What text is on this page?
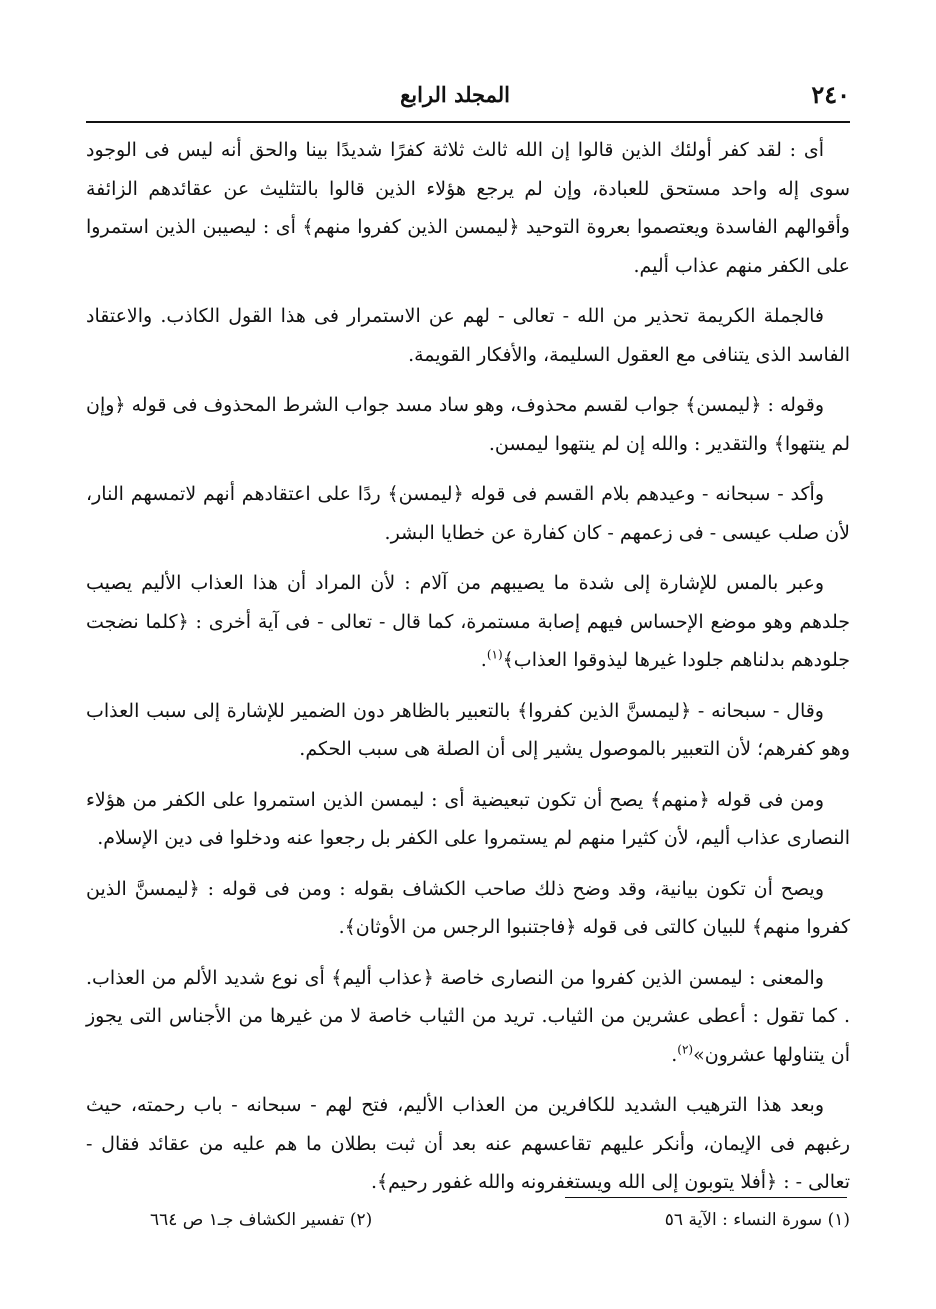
٢٤٠
المجلد الرابع

أى : لقد كفر أولئك الذين قالوا إن الله ثالث ثلاثة كفرًا شديدًا بينا والحق أنه ليس فى الوجود سوى إله واحد مستحق للعبادة، وإن لم يرجع هؤلاء الذين قالوا بالتثليث عن عقائدهم الزائفة وأقوالهم الفاسدة ويعتصموا بعروة التوحيد ﴿ليمسن الذين كفروا منهم﴾ أى : ليصيبن الذين استمروا على الكفر منهم عذاب أليم.

فالجملة الكريمة تحذير من الله - تعالى - لهم عن الاستمرار فى هذا القول الكاذب. والاعتقاد الفاسد الذى يتنافى مع العقول السليمة، والأفكار القويمة.

وقوله : ﴿ليمسن﴾ جواب لقسم محذوف، وهو ساد مسد جواب الشرط المحذوف فى قوله ﴿وإن لم ينتهوا﴾ والتقدير : والله إن لم ينتهوا ليمسن.

وأكد - سبحانه - وعيدهم بلام القسم فى قوله ﴿ليمسن﴾ ردًا على اعتقادهم أنهم لاتمسهم النار، لأن صلب عيسى - فى زعمهم - كان كفارة عن خطايا البشر.

وعبر بالمس للإشارة إلى شدة ما يصيبهم من آلام : لأن المراد أن هذا العذاب الأليم يصيب جلدهم وهو موضع الإحساس فيهم إصابة مستمرة، كما قال - تعالى - فى آية أخرى : ﴿كلما نضجت جلودهم بدلناهم جلودا غيرها ليذوقوا العذاب﴾$^{(١)}$.

وقال - سبحانه - ﴿ليمسنَّ الذين كفروا﴾ بالتعبير بالظاهر دون الضمير للإشارة إلى سبب العذاب وهو كفرهم؛ لأن التعبير بالموصول يشير إلى أن الصلة هى سبب الحكم.

ومن فى قوله ﴿منهم﴾ يصح أن تكون تبعيضية أى : ليمسن الذين استمروا على الكفر من هؤلاء النصارى عذاب أليم، لأن كثيرا منهم لم يستمروا على الكفر بل رجعوا عنه ودخلوا فى دين الإسلام.

ويصح أن تكون بيانية، وقد وضح ذلك صاحب الكشاف بقوله : ومن فى قوله : ﴿ليمسنَّ الذين كفروا منهم﴾ للبيان كالتى فى قوله ﴿فاجتنبوا الرجس من الأوثان﴾.

والمعنى : ليمسن الذين كفروا من النصارى خاصة ﴿عذاب أليم﴾ أى نوع شديد الألم من العذاب. . كما تقول : أعطى عشرين من الثياب. تريد من الثياب خاصة لا من غيرها من الأجناس التى يجوز أن يتناولها عشرون»$^{(٢)}$.

وبعد هذا الترهيب الشديد للكافرين من العذاب الأليم، فتح لهم - سبحانه - باب رحمته، حيث رغبهم فى الإيمان، وأنكر عليهم تقاعسهم عنه بعد أن ثبت بطلان ما هم عليه من عقائد فقال - تعالى - : ﴿أفلا يتوبون إلى الله ويستغفرونه والله غفور رحيم﴾.

(١) سورة النساء : الآية ٥٦
(٢) تفسير الكشاف جـ١ ص ٦٦٤
